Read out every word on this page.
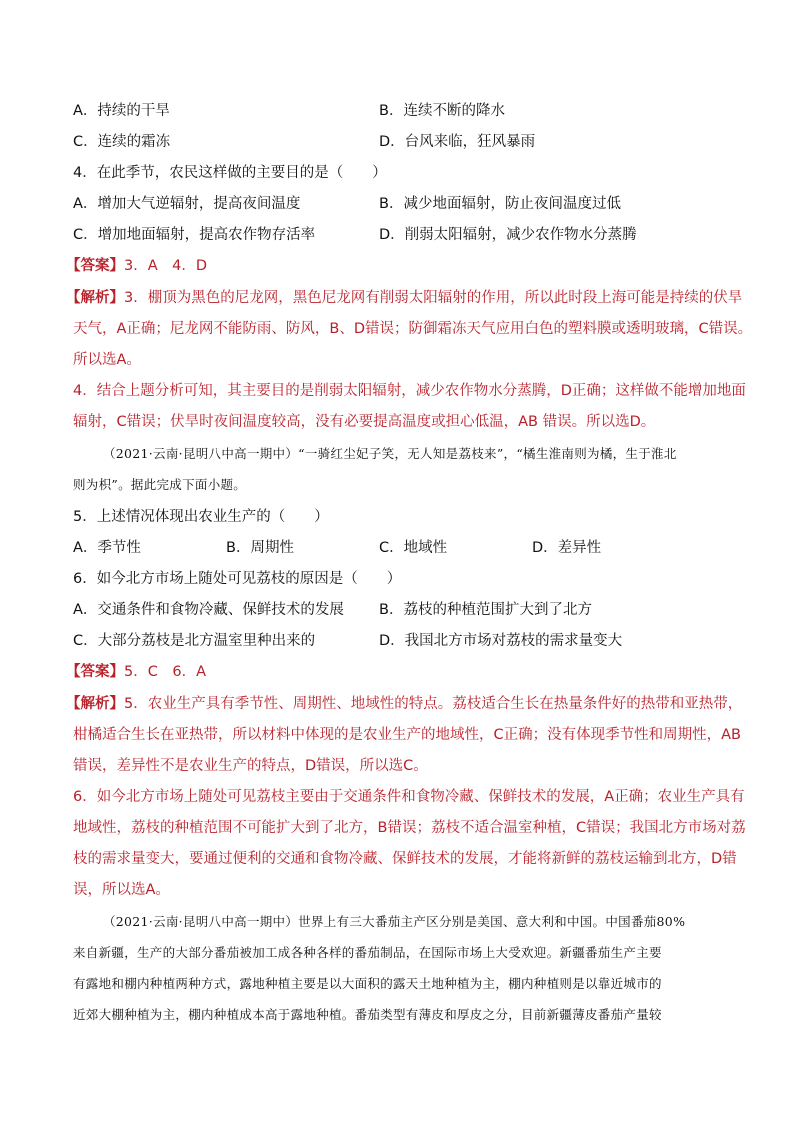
A．持续的干旱	B．连续不断的降水
C．连续的霜冻	D．台风来临，狂风暴雨
4．在此季节，农民这样做的主要目的是（　　）
A．增加大气逆辐射，提高夜间温度	B．减少地面辐射，防止夜间温度过低
C．增加地面辐射，提高农作物存活率	D．削弱太阳辐射，减少农作物水分蒸腾
【答案】3．A　4．D
【解析】3．棚顶为黑色的尼龙网，黑色尼龙网有削弱太阳辐射的作用，所以此时段上海可能是持续的伏旱
天气，A正确；尼龙网不能防雨、防风，B、D错误；防御霜冻天气应用白色的塑料膜或透明玻璃，C错误。
所以选A。
4．结合上题分析可知，其主要目的是削弱太阳辐射，减少农作物水分蒸腾，D正确；这样做不能增加地面
辐射，C错误；伏旱时夜间温度较高，没有必要提高温度或担心低温，AB 错误。所以选D。
（2021·云南·昆明八中高一期中）“一骑红尘妃子笑，无人知是荔枝来”，“橘生淮南则为橘，生于淮北
则为枳”。据此完成下面小题。
5．上述情况体现出农业生产的（　　）
A．季节性	B．周期性	C．地域性	D．差异性
6．如今北方市场上随处可见荔枝的原因是（　　）
A．交通条件和食物冷藏、保鲜技术的发展 B．荔枝的种植范围扩大到了北方
C．大部分荔枝是北方温室里种出来的	D．我国北方市场对荔枝的需求量变大
【答案】5．C　6．A
【解析】5．农业生产具有季节性、周期性、地域性的特点。荔枝适合生长在热量条件好的热带和亚热带，
柑橘适合生长在亚热带，所以材料中体现的是农业生产的地域性，C正确；没有体现季节性和周期性，AB
错误，差异性不是农业生产的特点，D错误，所以选C。
6．如今北方市场上随处可见荔枝主要由于交通条件和食物冷藏、保鲜技术的发展，A正确；农业生产具有
地域性，荔枝的种植范围不可能扩大到了北方，B错误；荔枝不适合温室种植，C错误；我国北方市场对荔
枝的需求量变大，要通过便利的交通和食物冷藏、保鲜技术的发展，才能将新鲜的荔枝运输到北方，D错
误，所以选A。
（2021·云南·昆明八中高一期中）世界上有三大番茄主产区分别是美国、意大利和中国。中国番茄80%
来自新疆，生产的大部分番茄被加工成各种各样的番茄制品，在国际市场上大受欢迎。新疆番茄生产主要
有露地和棚内种植两种方式，露地种植主要是以大面积的露天土地种植为主，棚内种植则是以靠近城市的
近郊大棚种植为主，棚内种植成本高于露地种植。番茄类型有薄皮和厚皮之分，目前新疆薄皮番茄产量较
